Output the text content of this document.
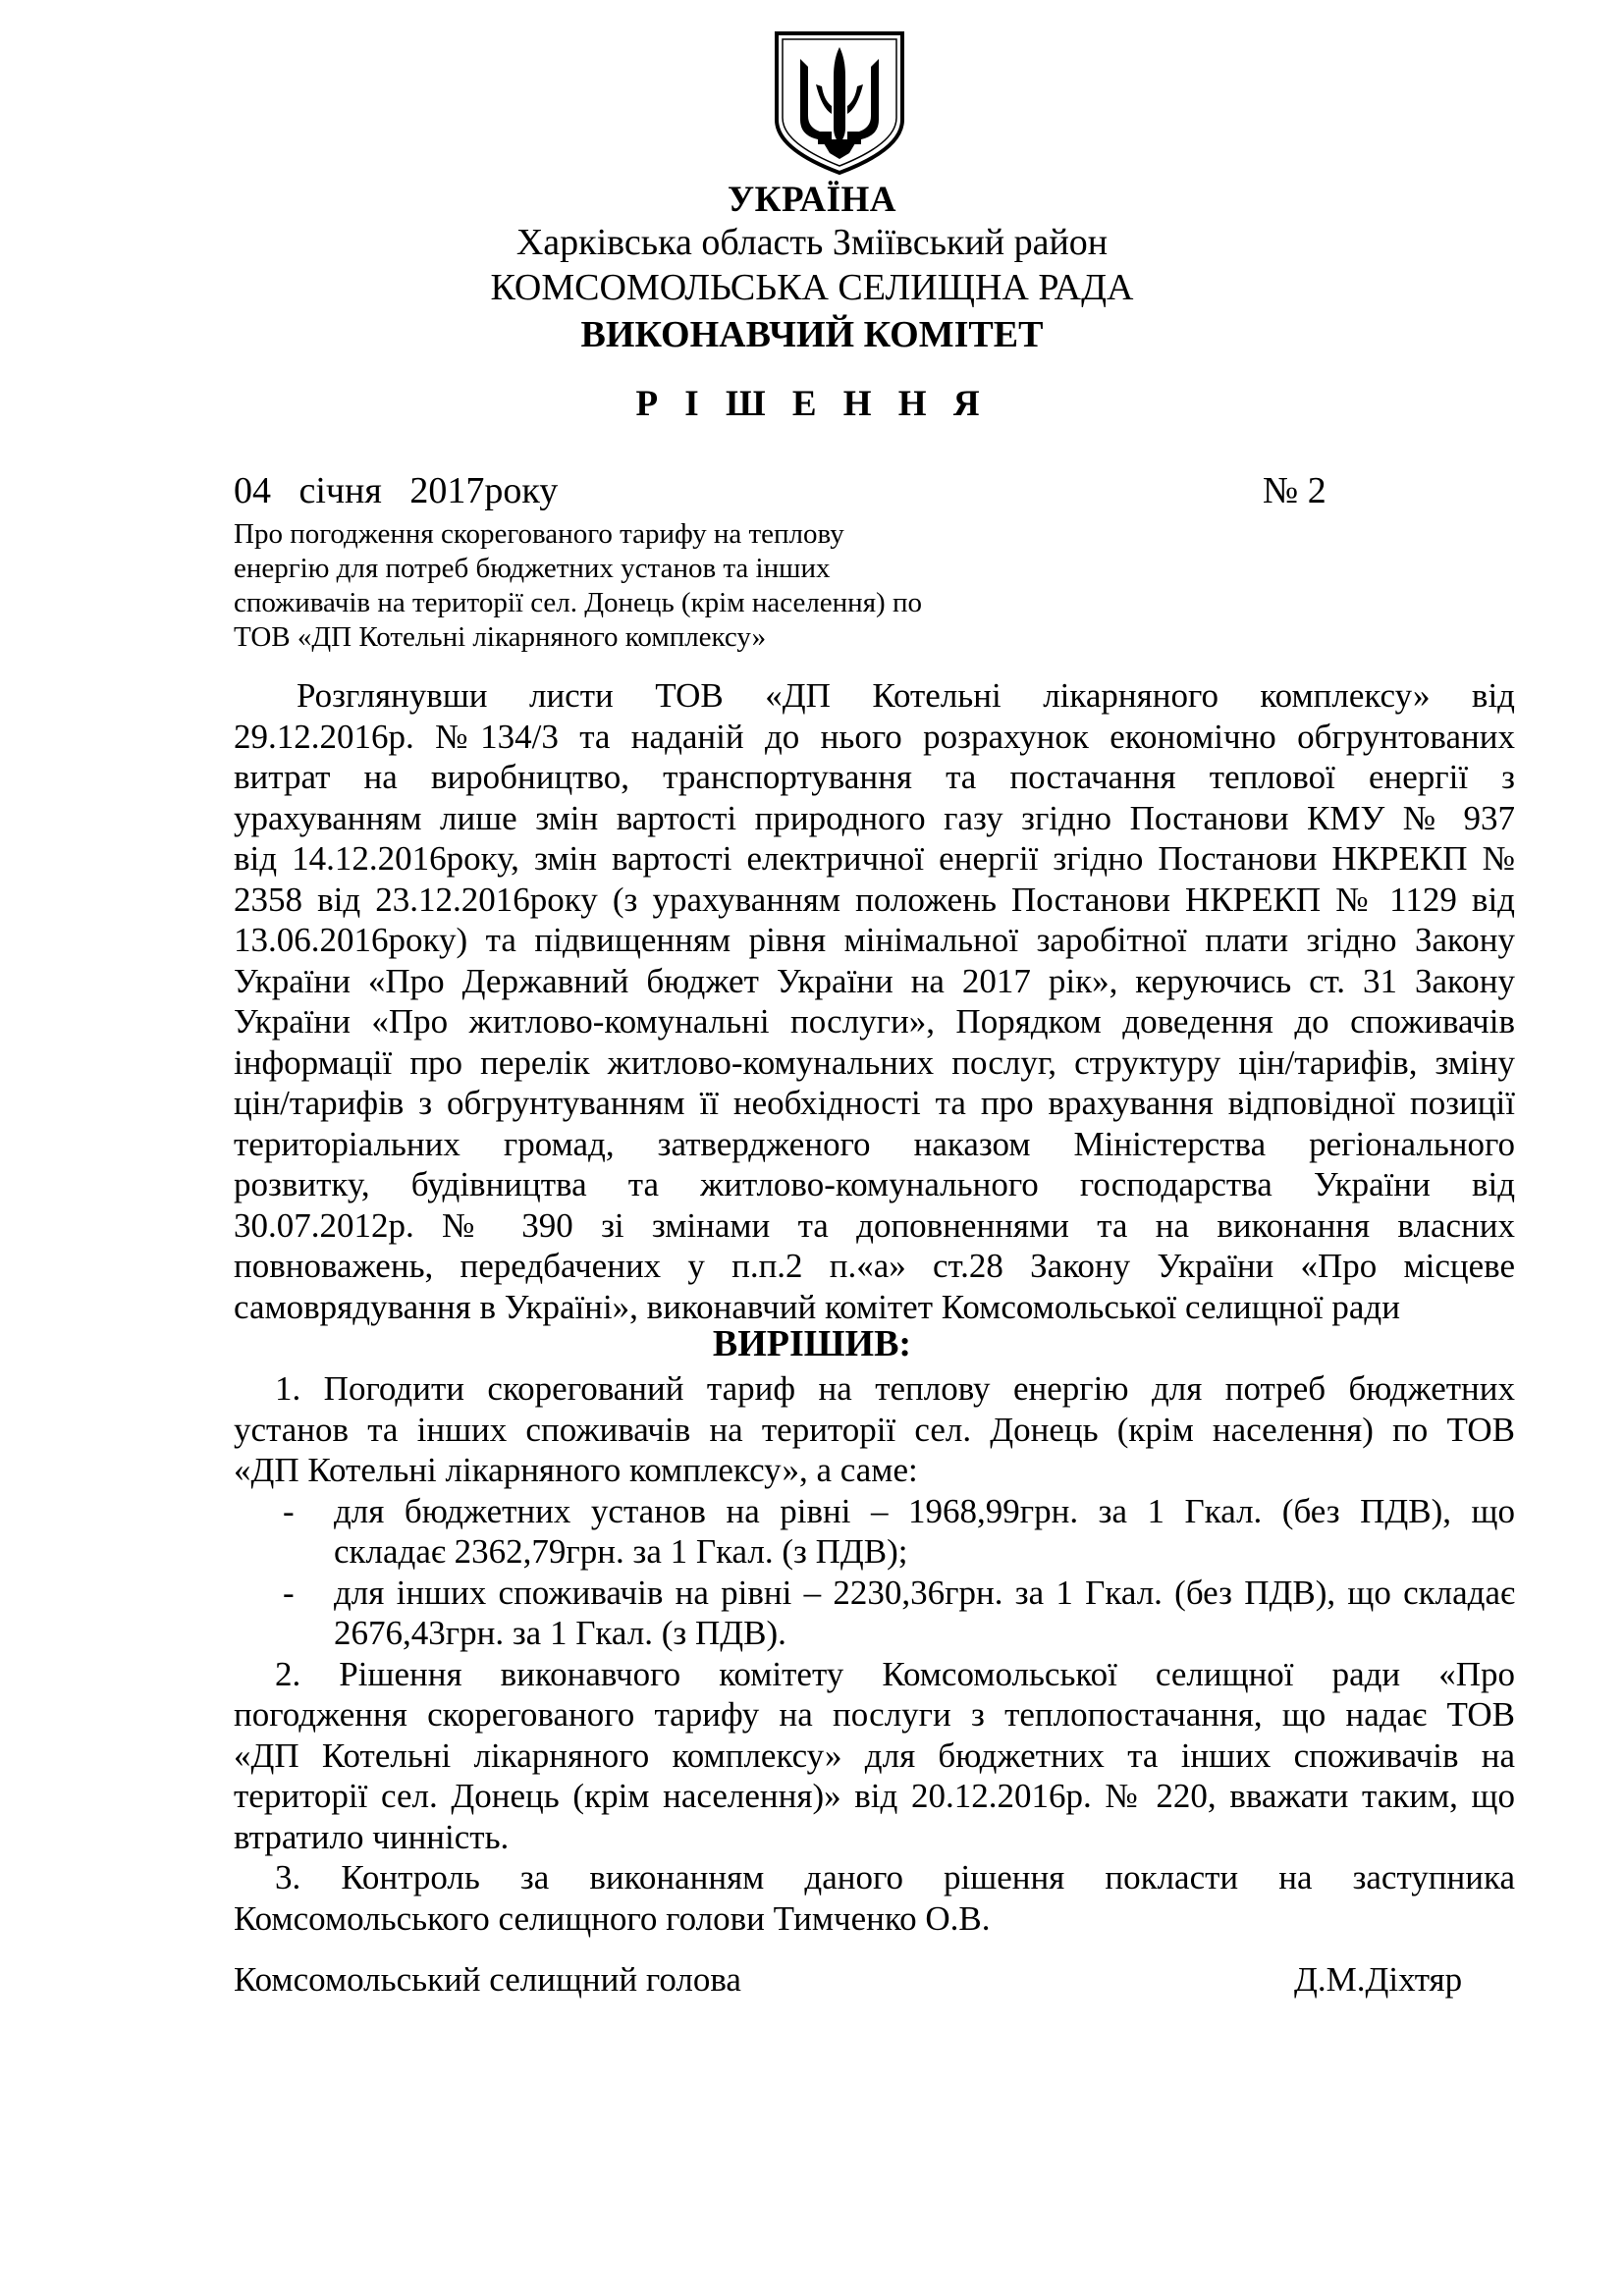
УКРАЇНА
Харківська область Зміївський район
КОМСОМОЛЬСЬКА СЕЛИЩНА РАДА
ВИКОНАВЧИЙ КОМІТЕТ
Р І Ш Е Н Н Я
04   січня   2017року	№ 2
Про погодження скорегованого тарифу на теплову
енергію для потреб бюджетних установ та інших
споживачів на території сел. Донець (крім населення) по
ТОВ «ДП Котельні лікарняного комплексу»
Розглянувши листи ТОВ «ДП Котельні лікарняного комплексу» від
29.12.2016р. №134/3 та наданій до нього розрахунок економічно обгрунтованих
витрат на виробництво, транспортування та постачання теплової енергії з
урахуванням лише змін вартості природного газу згідно Постанови КМУ № 937
від 14.12.2016року, змін вартості електричної енергії згідно Постанови НКРЕКП №
2358 від 23.12.2016року (з урахуванням положень Постанови НКРЕКП № 1129 від
13.06.2016року) та підвищенням рівня мінімальної заробітної плати згідно Закону
України «Про Державний бюджет України на 2017 рік», керуючись ст. 31 Закону
України «Про житлово-комунальні послуги», Порядком доведення до споживачів
інформації про перелік житлово-комунальних послуг, структуру цін/тарифів, зміну
цін/тарифів з обгрунтуванням її необхідності та про врахування відповідної позиції
територіальних громад, затвердженого наказом Міністерства регіонального
розвитку, будівництва та житлово-комунального господарства України від
30.07.2012р. № 390 зі змінами та доповненнями та на виконання власних
повноважень, передбачених у п.п.2 п.«а» ст.28 Закону України «Про місцеве
самоврядування в Україні», виконавчий комітет Комсомольської селищної ради
ВИРІШИВ:
1. Погодити скорегований тариф на теплову енергію для потреб бюджетних
установ та інших споживачів на території сел. Донець (крім населення) по ТОВ
«ДП Котельні лікарняного комплексу», а саме:
- для бюджетних установ на рівні – 1968,99грн. за 1 Гкал. (без ПДВ), що
складає 2362,79грн. за 1 Гкал. (з ПДВ);
- для інших споживачів на рівні – 2230,36грн. за 1 Гкал. (без ПДВ), що складає
2676,43грн. за 1 Гкал. (з ПДВ).
2. Рішення виконавчого комітету Комсомольської селищної ради «Про
погодження скорегованого тарифу на послуги з теплопостачання, що надає ТОВ
«ДП Котельні лікарняного комплексу» для бюджетних та інших споживачів на
території сел. Донець (крім населення)» від 20.12.2016р. № 220, вважати таким, що
втратило чинність.
3. Контроль за виконанням даного рішення покласти на заступника
Комсомольського селищного голови Тимченко О.В.
Комсомольський селищний голова	Д.М.Діхтяр
